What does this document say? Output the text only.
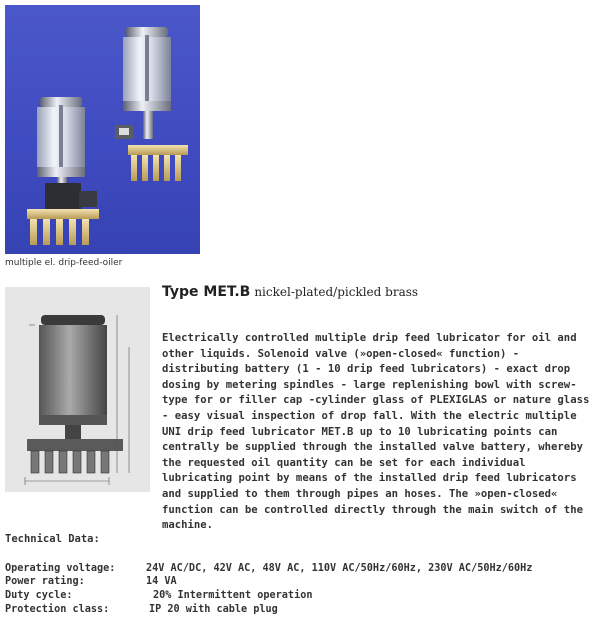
multiple el. drip-feed-oiler
Type MET.B nickel-plated/pickled brass
Electrically controlled multiple drip feed lubricator for oil and other liquids. Solenoid valve (»open-closed« function) - distributing battery (1 - 10 drip feed lubricators) - exact drop dosing by metering spindles - large replenishing bowl with screw-type for or filler cap -cylinder glass of PLEXIGLAS or nature glass - easy visual inspection of drop fall. With the electric multiple UNI drip feed lubricator MET.B up to 10 lubricating points can centrally be supplied through the installed valve battery, whereby the requested oil quantity can be set for each individual lubricating point by means of the installed drip feed lubricators and supplied to them through pipes an hoses. The »open-closed« function can be controlled directly through the main switch of the machine.
Technical Data:
Operating voltage:	24V AC/DC, 42V AC, 48V AC, 110V AC/50Hz/60Hz, 230V AC/50Hz/60Hz
Power rating:	14 VA
Duty cycle:	20% Intermittent operation
Protection class:	IP 20 with cable plug
